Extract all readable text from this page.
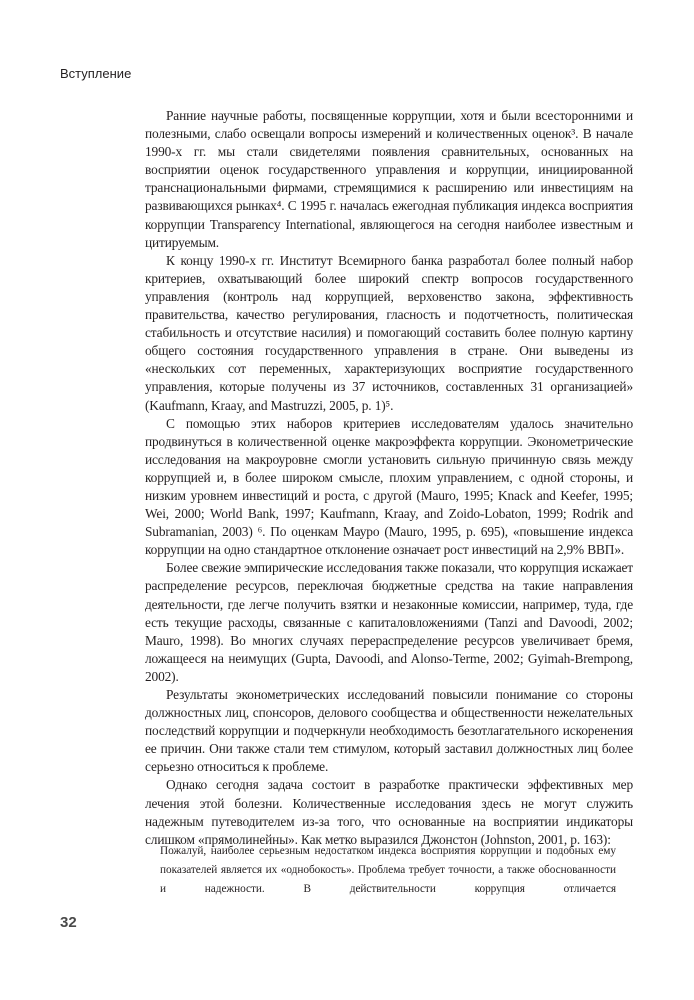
Вступление

Ранние научные работы, посвященные коррупции, хотя и были всесторонними и полезными, слабо освещали вопросы измерений и количественных оценок³. В начале 1990-х гг. мы стали свидетелями появления сравнительных, основанных на восприятии оценок государственного управления и коррупции, инициированной транснациональными фирмами, стремящимися к расширению или инвестициям на развивающихся рынках⁴. С 1995 г. началась ежегодная публикация индекса восприятия коррупции Transparency International, являющегося на сегодня наиболее известным и цитируемым.

К концу 1990-х гг. Институт Всемирного банка разработал более полный набор критериев, охватывающий более широкий спектр вопросов государственного управления (контроль над коррупцией, верховенство закона, эффективность правительства, качество регулирования, гласность и подотчетность, политическая стабильность и отсутствие насилия) и помогающий составить более полную картину общего состояния государственного управления в стране. Они выведены из «нескольких сот переменных, характеризующих восприятие государственного управления, которые получены из 37 источников, составленных 31 организацией» (Kaufmann, Kraay, and Mastruzzi, 2005, p. 1)⁵.

С помощью этих наборов критериев исследователям удалось значительно продвинуться в количественной оценке макроэффекта коррупции. Эконометрические исследования на макроуровне смогли установить сильную причинную связь между коррупцией и, в более широком смысле, плохим управлением, с одной стороны, и низким уровнем инвестиций и роста, с другой (Mauro, 1995; Knack and Keefer, 1995; Wei, 2000; World Bank, 1997; Kaufmann, Kraay, and Zoido-Lobaton, 1999; Rodrik and Subramanian, 2003) ⁶. По оценкам Мауро (Mauro, 1995, p. 695), «повышение индекса коррупции на одно стандартное отклонение означает рост инвестиций на 2,9% ВВП».

Более свежие эмпирические исследования также показали, что коррупция искажает распределение ресурсов, переключая бюджетные средства на такие направления деятельности, где легче получить взятки и незаконные комиссии, например, туда, где есть текущие расходы, связанные с капиталовложениями (Tanzi and Davoodi, 2002; Mauro, 1998). Во многих случаях перераспределение ресурсов увеличивает бремя, ложащееся на неимущих (Gupta, Davoodi, and Alonso-Terme, 2002; Gyimah-Brempong, 2002).

Результаты эконометрических исследований повысили понимание со стороны должностных лиц, спонсоров, делового сообщества и общественности нежелательных последствий коррупции и подчеркнули необходимость безотлагательного искоренения ее причин. Они также стали тем стимулом, который заставил должностных лиц более серьезно относиться к проблеме.

Однако сегодня задача состоит в разработке практически эффективных мер лечения этой болезни. Количественные исследования здесь не могут служить надежным путеводителем из-за того, что основанные на восприятии индикаторы слишком «прямолинейны». Как метко выразился Джонстон (Johnston, 2001, p. 163):

Пожалуй, наиболее серьезным недостатком индекса восприятия коррупции и подобных ему показателей является их «однобокость». Проблема требует точности, а также обоснованности и надежности. В действительности коррупция отличается

32
